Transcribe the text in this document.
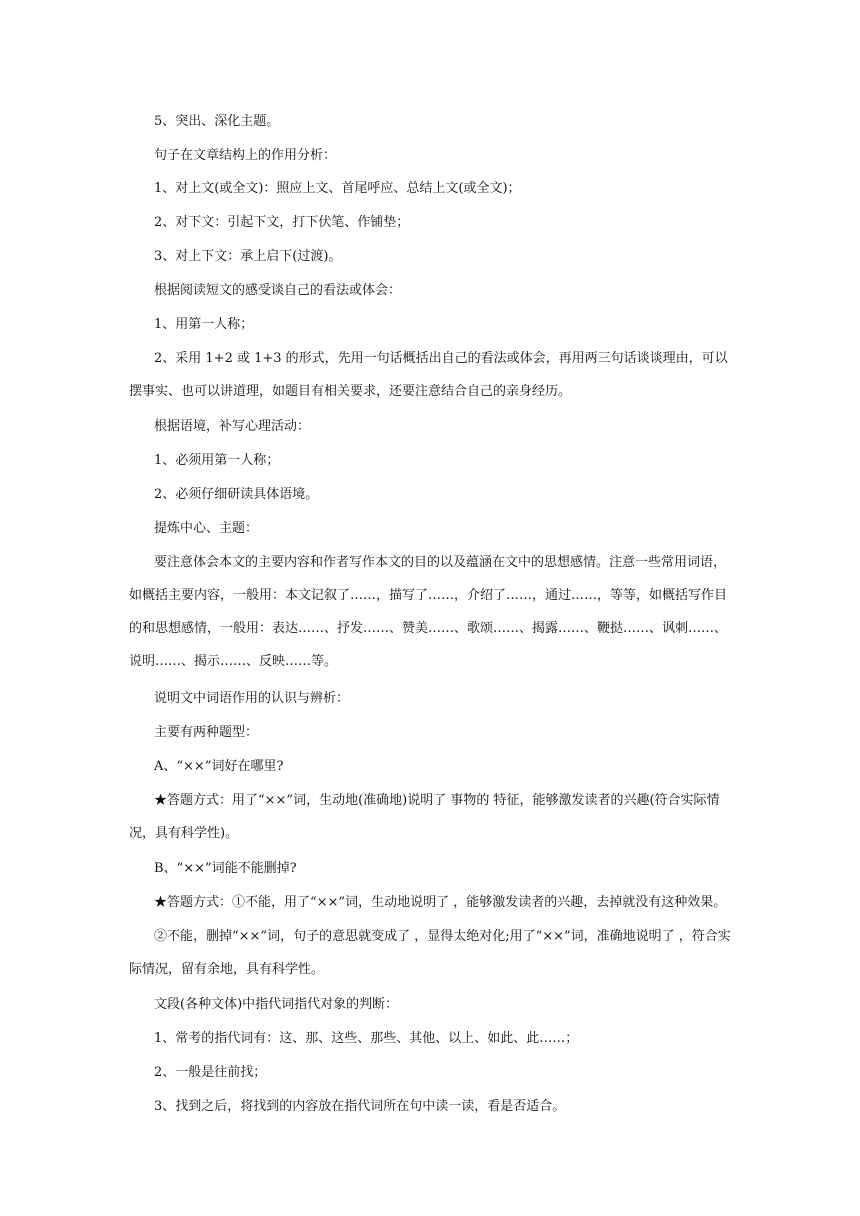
5、突出、深化主题。
句子在文章结构上的作用分析：
1、对上文(或全文)：照应上文、首尾呼应、总结上文(或全文)；
2、对下文：引起下文，打下伏笔、作铺垫；
3、对上下文：承上启下(过渡)。
根据阅读短文的感受谈自己的看法或体会：
1、用第一人称；
2、采用 1+2 或 1+3 的形式，先用一句话概括出自己的看法或体会，再用两三句话谈谈理由，可以摆事实、也可以讲道理，如题目有相关要求，还要注意结合自己的亲身经历。
根据语境，补写心理活动：
1、必须用第一人称；
2、必须仔细研读具体语境。
提炼中心、主题：
要注意体会本文的主要内容和作者写作本文的目的以及蕴涵在文中的思想感情。注意一些常用词语，如概括主要内容，一般用：本文记叙了……，描写了……，介绍了……，通过……，等等，如概括写作目的和思想感情，一般用：表达……、抒发……、赞美……、歌颂……、揭露……、鞭挞……、讽刺……、说明……、揭示……、反映……等。
说明文中词语作用的认识与辨析：
主要有两种题型：
A、“××”词好在哪里?
★答题方式：用了“××”词，生动地(准确地)说明了 事物的 特征，能够激发读者的兴趣(符合实际情况，具有科学性)。
B、“××”词能不能删掉?
★答题方式：①不能，用了“××”词，生动地说明了 ，能够激发读者的兴趣，去掉就没有这种效果。
②不能，删掉“××”词，句子的意思就变成了 ，显得太绝对化;用了“××”词，准确地说明了 ，符合实际情况，留有余地，具有科学性。
文段(各种文体)中指代词指代对象的判断：
1、常考的指代词有：这、那、这些、那些、其他、以上、如此、此……；
2、一般是往前找；
3、找到之后，将找到的内容放在指代词所在句中读一读，看是否适合。
